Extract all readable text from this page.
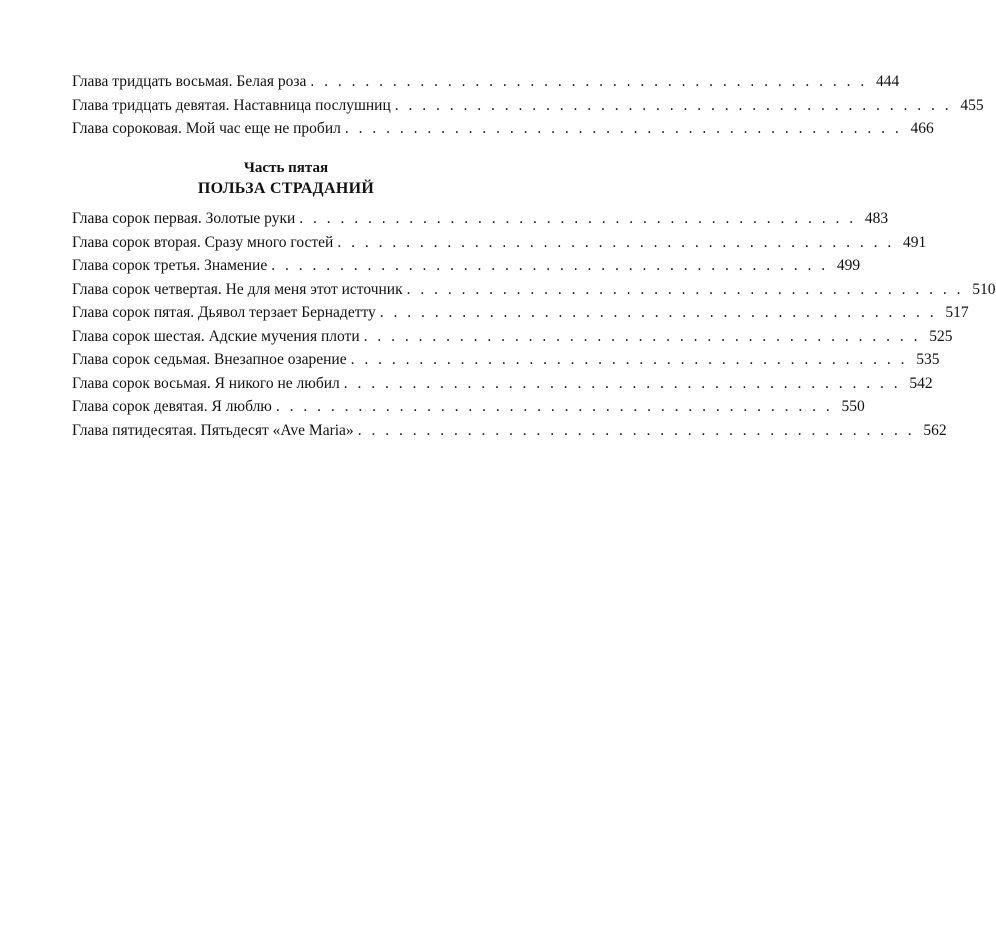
Глава тридцать восьмая. Белая роза . . . . . . . . . . . . . . . . . . . . . . . . . . . . . . . . . . . . . . . . . 444
Глава тридцать девятая. Наставница послушниц . . . . . . . . . . . . . . . . . . . . . . . . . . . . . . . . . . . . . . . . . 455
Глава сороковая. Мой час еще не пробил . . . . . . . . . . . . . . . . . . . . . . . . . . . . . . . . . . . . . . . . . 466
Часть пятая
ПОЛЬЗА СТРАДАНИЙ
Глава сорок первая. Золотые руки . . . . . . . . . . . . . . . . . . . . . . . . . . . . . . . . . . . . . . . . . 483
Глава сорок вторая. Сразу много гостей . . . . . . . . . . . . . . . . . . . . . . . . . . . . . . . . . . . . . . . . . 491
Глава сорок третья. Знамение . . . . . . . . . . . . . . . . . . . . . . . . . . . . . . . . . . . . . . . . . 499
Глава сорок четвертая. Не для меня этот источник . . . . . . . . . . . . . . . . . . . . . . . . . . . . . . . . . . . . . . . . . 510
Глава сорок пятая. Дьявол терзает Бернадетту . . . . . . . . . . . . . . . . . . . . . . . . . . . . . . . . . . . . . . . . . 517
Глава сорок шестая. Адские мучения плоти . . . . . . . . . . . . . . . . . . . . . . . . . . . . . . . . . . . . . . . . . 525
Глава сорок седьмая. Внезапное озарение . . . . . . . . . . . . . . . . . . . . . . . . . . . . . . . . . . . . . . . . . 535
Глава сорок восьмая. Я никого не любил . . . . . . . . . . . . . . . . . . . . . . . . . . . . . . . . . . . . . . . . . 542
Глава сорок девятая. Я люблю . . . . . . . . . . . . . . . . . . . . . . . . . . . . . . . . . . . . . . . . . 550
Глава пятидесятая. Пятьдесят «Ave Maria» . . . . . . . . . . . . . . . . . . . . . . . . . . . . . . . . . . . . . . . . . 562
